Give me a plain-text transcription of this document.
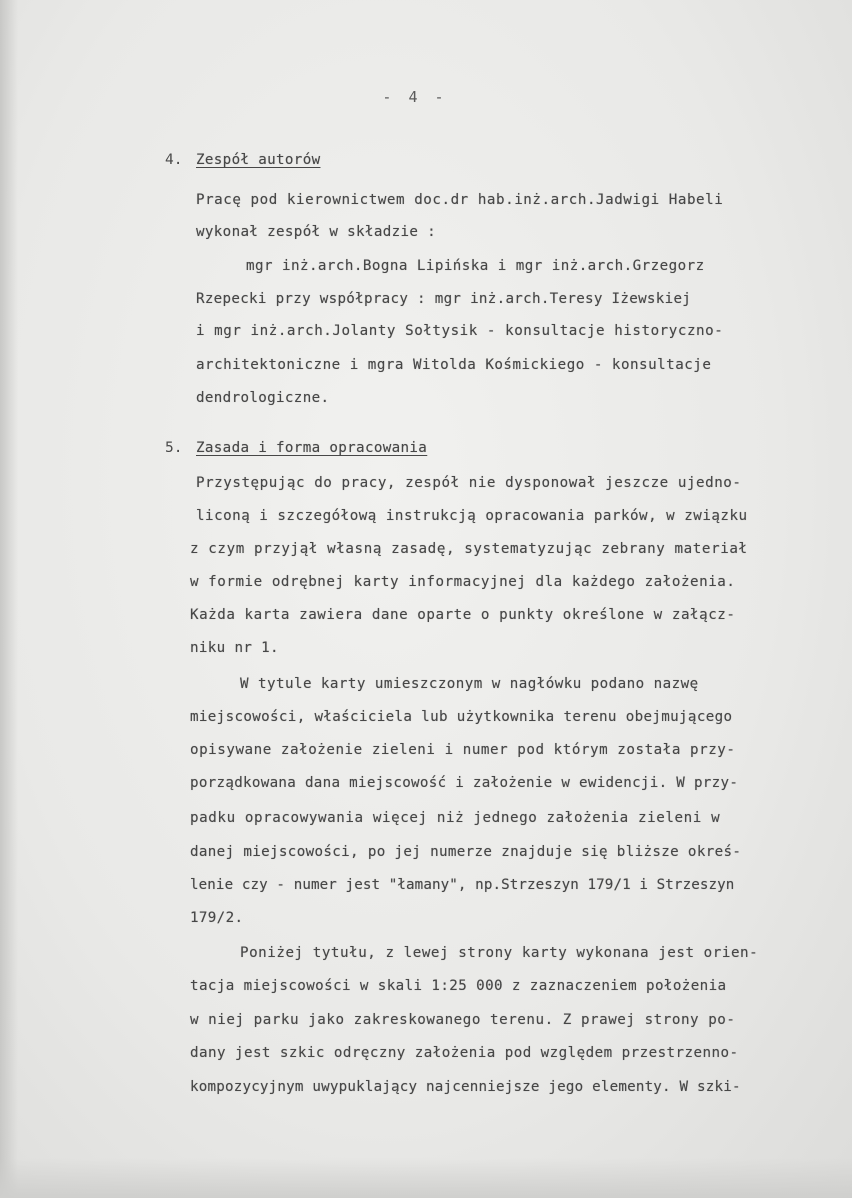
- 4 -
4. Zespół autorów
Pracę pod kierownictwem doc.dr hab.inż.arch.Jadwigi Habeli
wykonał zespół w składzie :
mgr inż.arch.Bogna Lipińska i mgr inż.arch.Grzegorz
Rzepecki przy współpracy : mgr inż.arch.Teresy Iżewskiej
i mgr inż.arch.Jolanty Sołtysik - konsultacje historyczno-
architektoniczne i mgra Witolda Kośmickiego - konsultacje
dendrologiczne.
5. Zasada i forma opracowania
Przystępując do pracy, zespół nie dysponował jeszcze ujedno-
liconą i szczegółową instrukcją opracowania parków, w związku
z czym przyjął własną zasadę, systematyzując zebrany materiał
w formie odrębnej karty informacyjnej dla każdego założenia.
Każda karta zawiera dane oparte o punkty określone w załącz-
niku nr 1.
W tytule karty umieszczonym w nagłówku podano nazwę
miejscowości, właściciela lub użytkownika terenu obejmującego
opisywane założenie zieleni i numer pod którym została przy-
porządkowana dana miejscowość i założenie w ewidencji. W przy-
padku opracowywania więcej niż jednego założenia zieleni w
danej miejscowości, po jej numerze znajduje się bliższe okreś-
lenie czy - numer jest "łamany", np.Strzeszyn 179/1 i Strzeszyn
179/2.
Poniżej tytułu, z lewej strony karty wykonana jest orien-
tacja miejscowości w skali 1:25 000 z zaznaczeniem położenia
w niej parku jako zakreskowanego terenu. Z prawej strony po-
dany jest szkic odręczny założenia pod względem przestrzenno-
kompozycyjnym uwypuklający najcenniejsze jego elementy. W szki-
